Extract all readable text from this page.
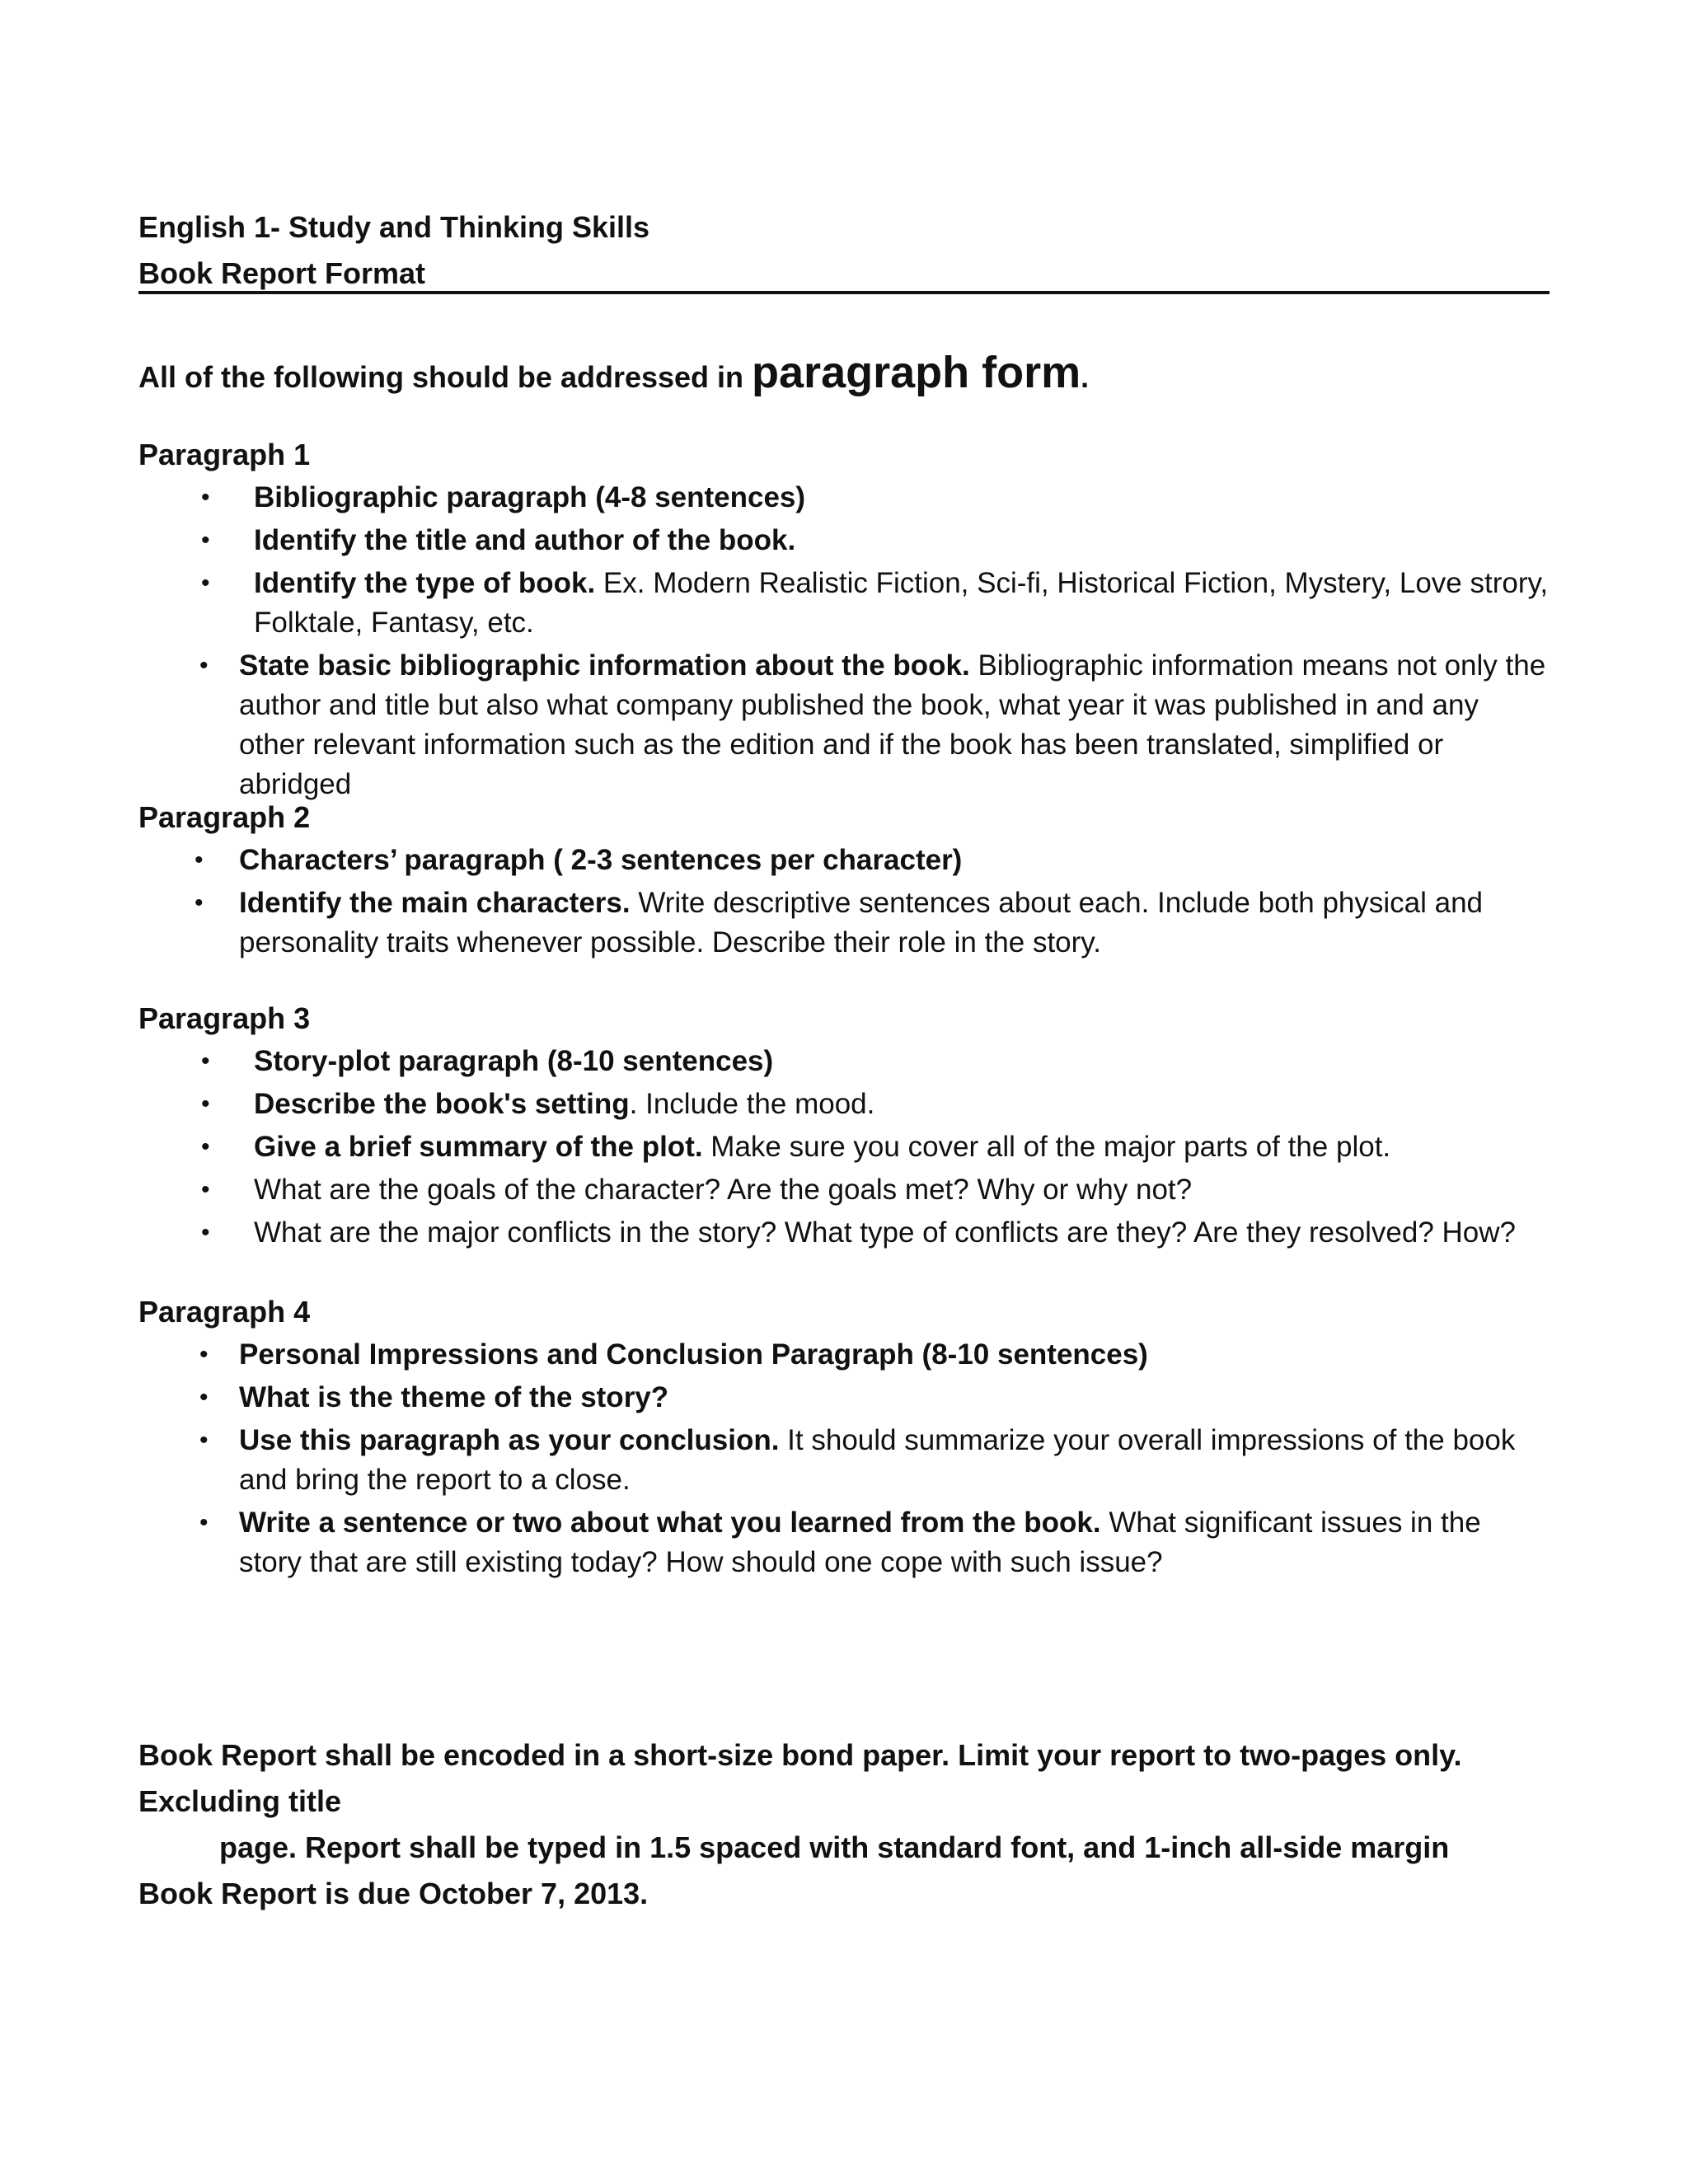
English 1- Study and Thinking Skills
Book Report Format
All of the following should be addressed in paragraph form.
Paragraph 1
• Bibliographic paragraph (4-8 sentences)
• Identify the title and author of the book.
• Identify the type of book. Ex. Modern Realistic Fiction, Sci-fi, Historical Fiction, Mystery, Love strory, Folktale, Fantasy, etc.
• State basic bibliographic information about the book. Bibliographic information means not only the author and title but also what company published the book, what year it was published in and any other relevant information such as the edition and if the book has been translated, simplified or abridged
Paragraph 2
• Characters’ paragraph ( 2-3 sentences per character)
• Identify the main characters. Write descriptive sentences about each. Include both physical and personality traits whenever possible. Describe their role in the story.
Paragraph 3
• Story-plot paragraph (8-10 sentences)
• Describe the book's setting. Include the mood.
• Give a brief summary of the plot. Make sure you cover all of the major parts of the plot.
• What are the goals of the character? Are the goals met? Why or why not?
• What are the major conflicts in the story? What type of conflicts are they? Are they resolved? How?
Paragraph 4
• Personal Impressions and Conclusion Paragraph (8-10 sentences)
• What is the theme of the story?
• Use this paragraph as your conclusion. It should summarize your overall impressions of the book and bring the report to a close.
• Write a sentence or two about what you learned from the book. What significant issues in the story that are still existing today? How should one cope with such issue?
Book Report shall be encoded in a short-size bond paper. Limit your report to two-pages only. Excluding title
page. Report shall be typed in 1.5 spaced with standard font, and 1-inch all-side margin
Book Report is due October 7, 2013.
